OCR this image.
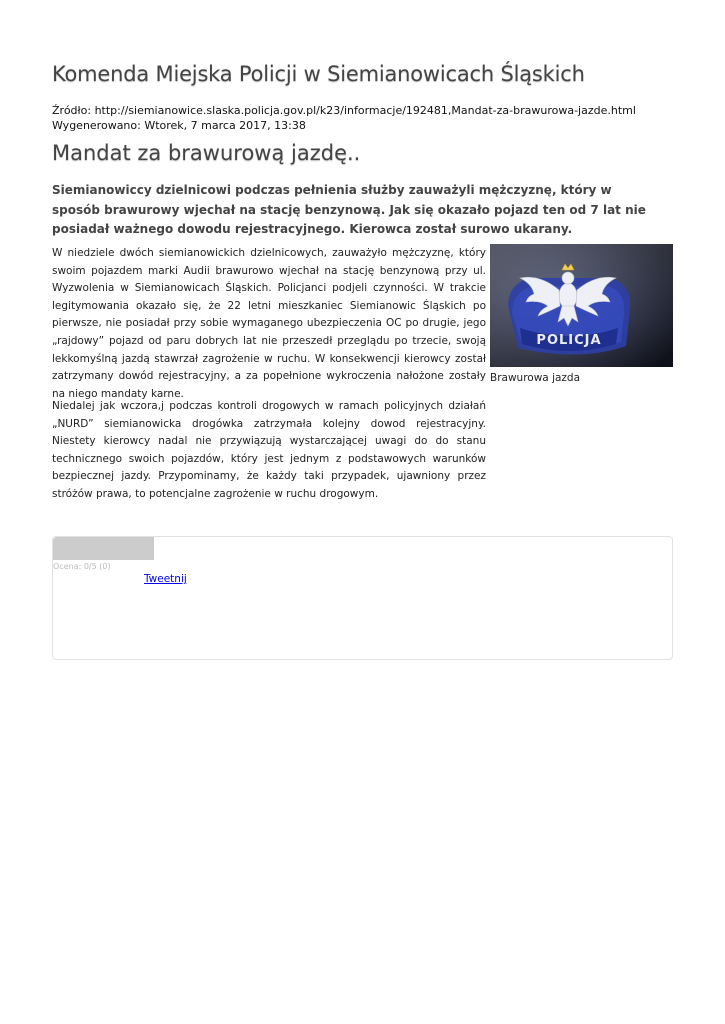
Komenda Miejska Policji w Siemianowicach Śląskich
Źródło: http://siemianowice.slaska.policja.gov.pl/k23/informacje/192481,Mandat-za-brawurowa-jazde.html
Wygenerowano: Wtorek, 7 marca 2017, 13:38
Mandat za brawurową jazdę..

Siemianowiccy dzielnicowi podczas pełnienia służby zauważyli mężczyznę, który w sposób brawurowy wjechał na stację benzynową. Jak się okazało pojazd ten od 7 lat nie posiadał ważnego dowodu rejestracyjnego. Kierowca został surowo ukarany.

W niedziele dwóch siemianowickich dzielnicowych, zauważyło mężczyznę, który swoim pojazdem marki Audii brawurowo wjechał na stację benzynową przy ul. Wyzwolenia w Siemianowicach Śląskich. Policjanci podjeli czynności. W trakcie legitymowania okazało się, że 22 letni mieszkaniec Siemianowic Śląskich po pierwsze, nie posiadał przy sobie wymaganego ubezpieczenia OC po drugie, jego „rajdowy” pojazd od paru dobrych lat nie przeszedł przeglądu po trzecie, swoją lekkomyślną jazdą stawrzał zagrożenie w ruchu. W konsekwencji kierowcy został zatrzymany dowód rejestracyjny, a za popełnione wykroczenia nałożone zostały na niego mandaty karne.

POLICJA
Brawurowa jazda

Niedalej jak wczora,j podczas kontroli drogowych w ramach policyjnych działań „NURD” siemianowicka drogówka zatrzymała kolejny dowod rejestracyjny. Niestety kierowcy nadal nie przywiązują wystarczającej uwagi do do stanu technicznego swoich pojazdów, który jest jednym z podstawowych warunków bezpiecznej jazdy. Przypominamy, że każdy taki przypadek, ujawniony przez stróżów prawa, to potencjalne zagrożenie w ruchu drogowym.

Ocena: 0/5 (0)
Tweetnij
